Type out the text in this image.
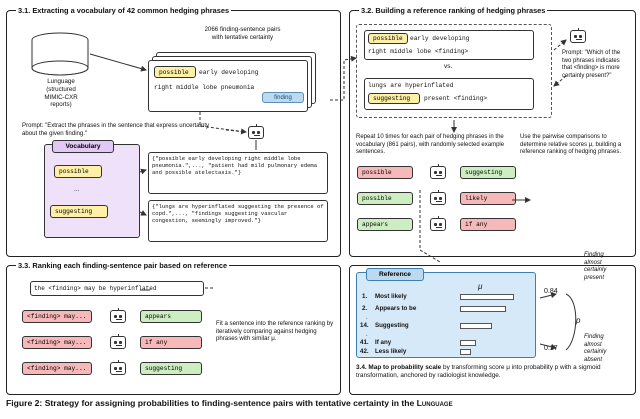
3.1. Extracting a vocabulary of 42 common hedging phrases
Lunguage
(structured
MIMIC-CXR
reports)
2066 finding-sentence pairs
with tentative certainty
possible early developing
right middle lobe pneumonia
finding
Prompt: "Extract the phrases in the sentence that express uncertainty about the given finding."
Vocabulary
possible
...
suggesting
{"possible early developing right middle lobe pneumonia.",..., "patient had mild pulmonary edema and possible atelectasis."}
{"lungs are hyperinflated suggesting the presence of copd.",..., "findings suggesting vascular congestion, seemingly improved."}
3.2. Building a reference ranking of hedging phrases
possible early developing
right middle lobe <finding>
vs.
lungs are hyperinflated
suggesting present <finding>
Prompt: "Which of the two phrases indicates that <finding> is more certainly present?"
Repeat 10 times for each pair of hedging phrases in the vocabulary (861 pairs), with randomly selected example sentences.
Use the pairwise comparisons to determine relative scores μ, building a reference ranking of hedging phrases.
possible	suggesting
possible	likely
appears	if any
3.3. Ranking each finding-sentence pair based on reference
the <finding> may be hyperinflated
<finding> may...	appears
<finding> may...	if any
<finding> may...	suggesting
Fit a sentence into the reference ranking by iteratively comparing against hedging phrases with similar μ.
Reference
μ
1. Most likely
2. Appears to be
.
14. Suggesting
.
41. If any
42. Less likely
0.84
0.17
p
Finding
almost
certainly
present
Finding
almost
certainly
absent
3.4. Map to probability scale by transforming score μ into probability p with a sigmoid transformation, anchored by radiologist knowledge.
Figure 2: Strategy for assigning probabilities to finding-sentence pairs with tentative certainty in the Lunguage
